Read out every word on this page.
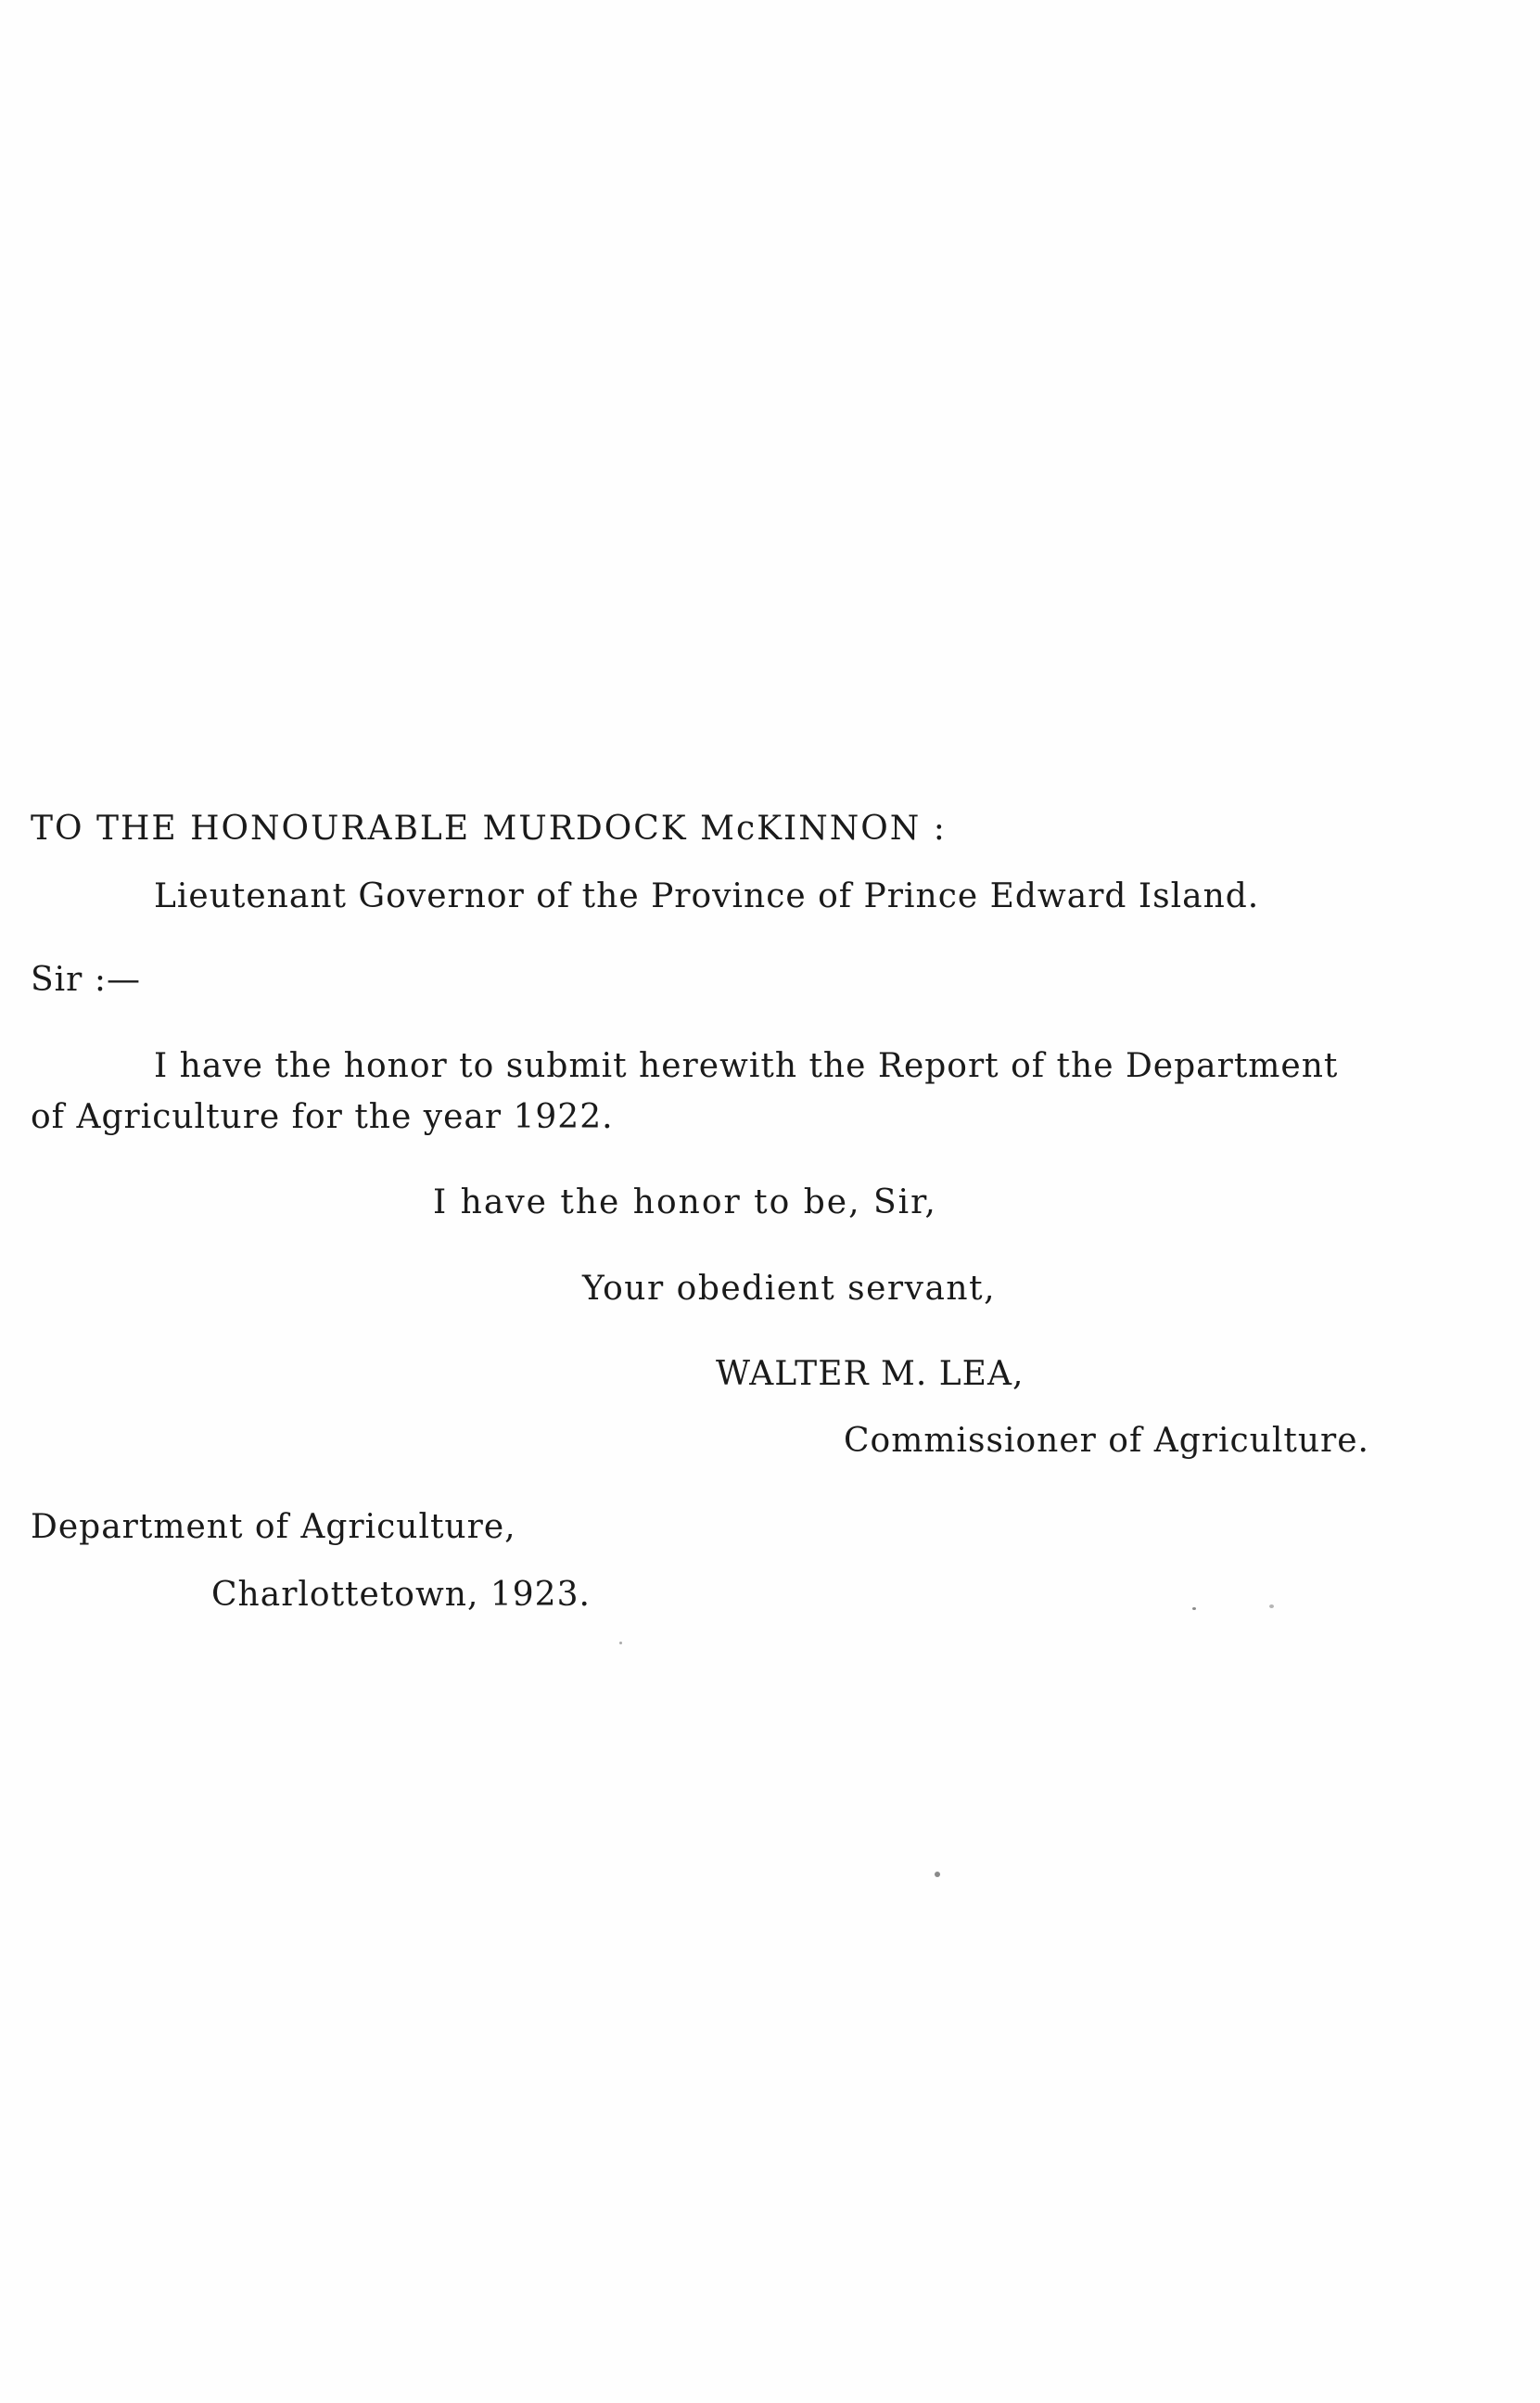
TO THE HONOURABLE MURDOCK McKINNON :
Lieutenant Governor of the Province of Prince Edward Island.
Sir :—
I have the honor to submit herewith the Report of the Department
of Agriculture for the year 1922.
I have the honor to be, Sir,
Your obedient servant,
WALTER M. LEA,
Commissioner of Agriculture.
Department of Agriculture,
Charlottetown, 1923.
